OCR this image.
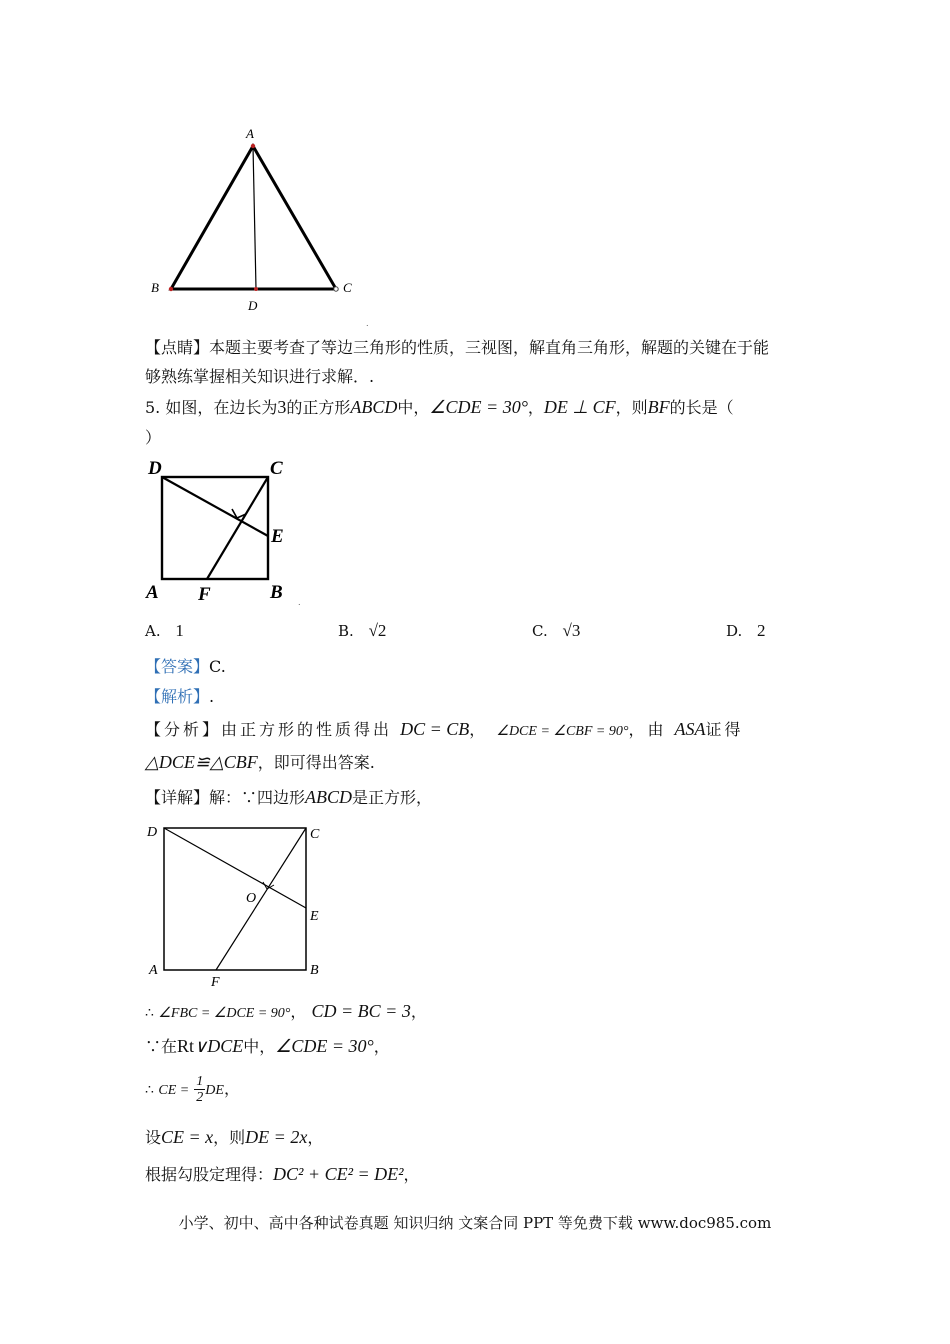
A
B	C
D
.
【点睛】本题主要考查了等边三角形的性质，三视图，解直角三角形，解题的关键在于能
够熟练掌握相关知识进行求解．.
5. 如图，在边长为3的正方形ABCD中，∠CDE = 30°，DE ⊥ CF，则BF的长是（
）
D	C
E
A F	B .
A. 1	B. √2	C. √3	D. 2
【答案】C.
【解析】.
【分析】由正方形的性质得出 DC = CB， ∠DCE = ∠CBF = 90°，由 ASA证得
△DCE≌△CBF，即可得出答案.
【详解】解：∵四边形ABCD是正方形，
D	C
O
E
A
F
B
∴ ∠FBC = ∠DCE = 90°， CD = BC = 3，
∵在Rt∨DCE中，∠CDE = 30°，
∴ CE = $\frac{1}{2}$ DE，
设CE = x，则DE = 2x，
根据勾股定理得：DC² + CE² = DE²，
小学、初中、高中各种试卷真题 知识归纳 文案合同 PPT 等免费下载 www.doc985.com
